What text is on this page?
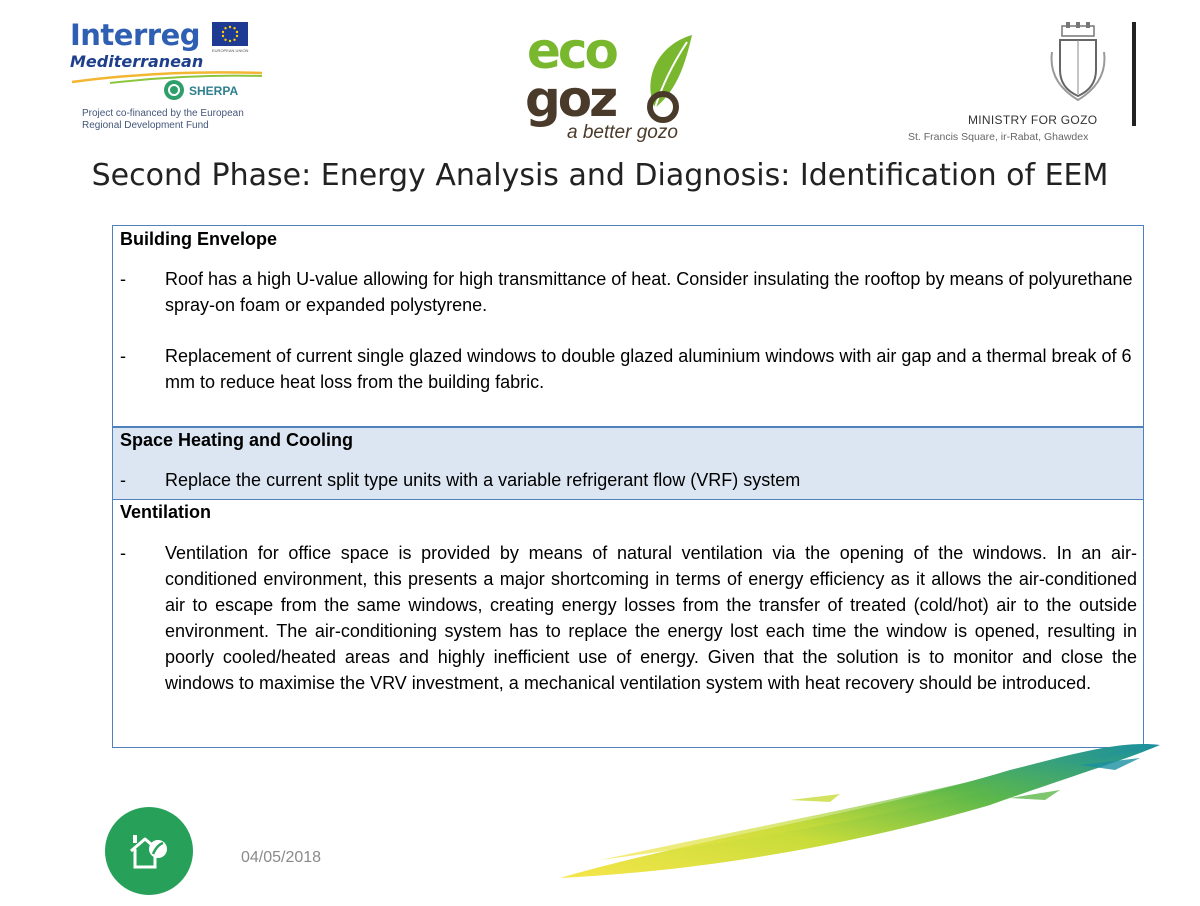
Interreg	EUROPEAN UNION
Mediterranean
SHERPA
Project co-financed by the European
Regional Development Fund
eco
goz
a better gozo
MINISTRY FOR GOZO
St. Francis Square, ir-Rabat, Ghawdex
Second Phase: Energy Analysis and Diagnosis: Identification of EEM
Building Envelope
- Roof has a high U-value allowing for high transmittance of heat. Consider insulating the rooftop by means of polyurethane spray-on foam or expanded polystyrene.
- Replacement of current single glazed windows to double glazed aluminium windows with air gap and a thermal break of 6 mm to reduce heat loss from the building fabric.
Space Heating and Cooling
- Replace the current split type units with a variable refrigerant flow (VRF) system
Ventilation
- Ventilation for office space is provided by means of natural ventilation via the opening of the windows. In an air-conditioned environment, this presents a major shortcoming in terms of energy efficiency as it allows the air-conditioned air to escape from the same windows, creating energy losses from the transfer of treated (cold/hot) air to the outside environment. The air-conditioning system has to replace the energy lost each time the window is opened, resulting in poorly cooled/heated areas and highly inefficient use of energy. Given that the solution is to monitor and close the windows to maximise the VRV investment, a mechanical ventilation system with heat recovery should be introduced.
04/05/2018
